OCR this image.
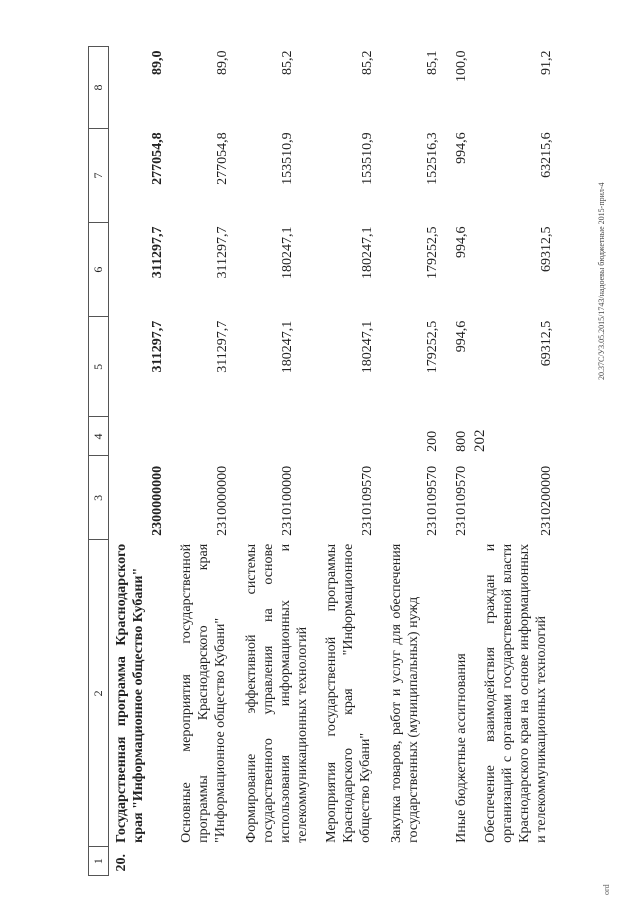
202
20.37С/УЗ.05.2015/1743/надоевы бюджетные 2015-прил-4
ord
1	2	3	4	5	6	7	8
20.	Государственная программа Краснодарского края "Информационное общество Кубани"	2300000000		311297,7	311297,7	277054,8	89,0
	Основные мероприятия государственной программы Краснодарского края "Информационное общество Кубани"	2310000000		311297,7	311297,7	277054,8	89,0
	Формирование эффективной системы государственного управления на основе использования информационных и телекоммуникационных технологий	2310100000		180247,1	180247,1	153510,9	85,2
	Мероприятия государственной программы Краснодарского края "Информационное общество Кубани"	2310109570		180247,1	180247,1	153510,9	85,2
	Закупка товаров, работ и услуг для обеспечения государственных (муниципальных) нужд	2310109570	200	179252,5	179252,5	152516,3	85,1
	Иные бюджетные ассигнования	2310109570	800	994,6	994,6	994,6	100,0
	Обеспечение взаимодействия граждан и организаций с органами государственной власти Краснодарского края на основе информационных и телекоммуникационных технологий	2310200000		69312,5	69312,5	63215,6	91,2
